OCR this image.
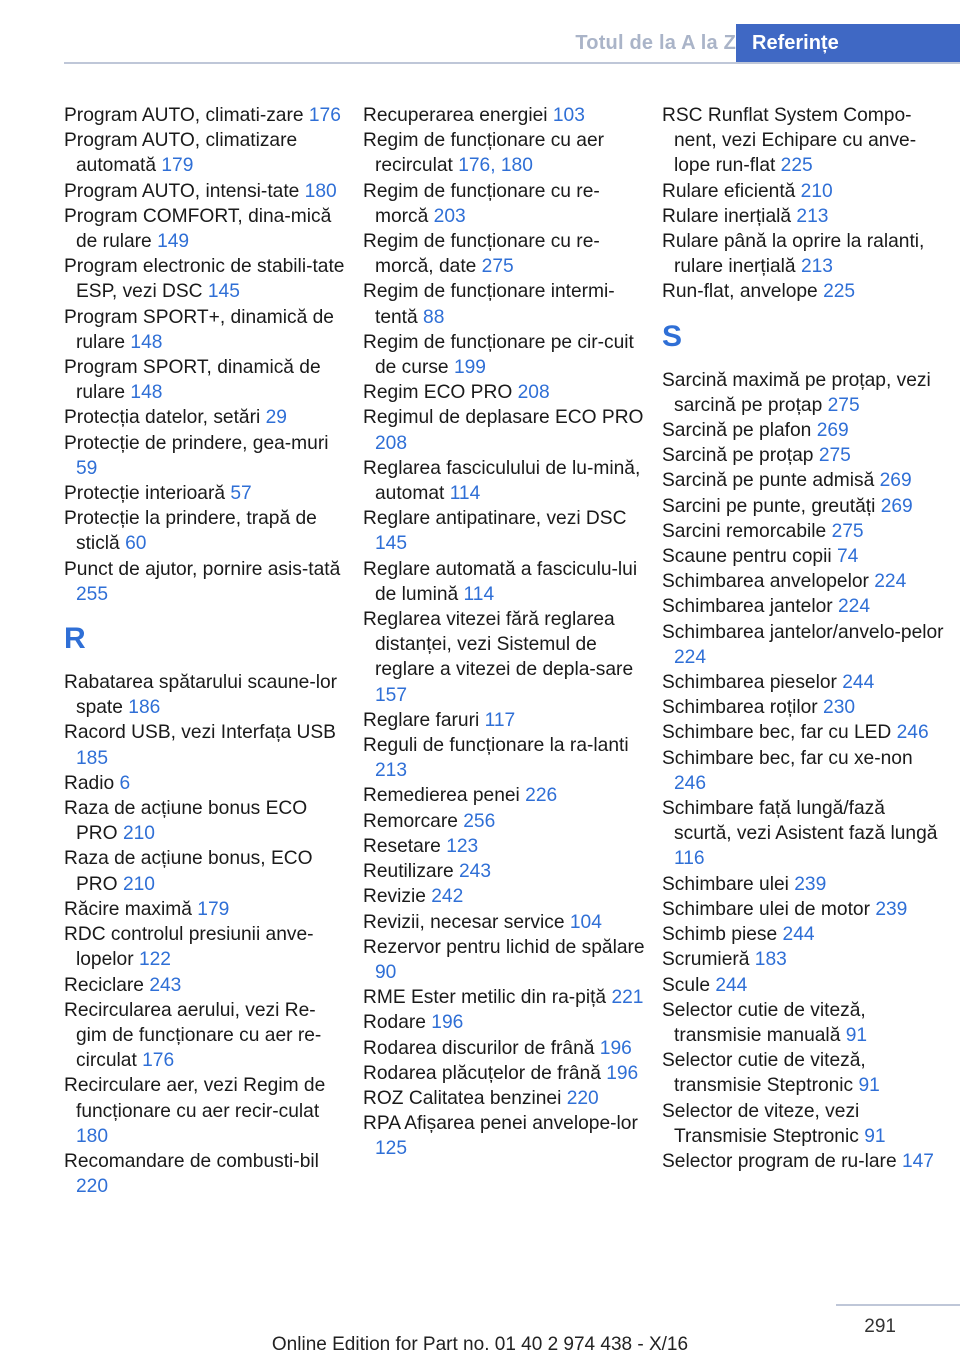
Totul de la A la Z Referințe
Program AUTO, climati-zare 176
Program AUTO, climatizare automată 179
Program AUTO, intensi-tate 180
Program COMFORT, dina-mică de rulare 149
Program electronic de stabili-tate ESP, vezi DSC 145
Program SPORT+, dinamică de rulare 148
Program SPORT, dinamică de rulare 148
Protecția datelor, setări 29
Protecție de prindere, gea-muri 59
Protecție interioară 57
Protecție la prindere, trapă de sticlă 60
Punct de ajutor, pornire asis-tată 255
R
Rabatarea spătarului scaune-lor spate 186
Racord USB, vezi Interfața USB 185
Radio 6
Raza de acțiune bonus ECO PRO 210
Raza de acțiune bonus, ECO PRO 210
Răcire maximă 179
RDC controlul presiunii anve-lopelor 122
Reciclare 243
Recircularea aerului, vezi Re-gim de funcționare cu aer re-circulat 176
Recirculare aer, vezi Regim de funcționare cu aer recir-culat 180
Recomandare de combusti-bil 220
Recuperarea energiei 103
Regim de funcționare cu aer recirculat 176, 180
Regim de funcționare cu re-morcă 203
Regim de funcționare cu re-morcă, date 275
Regim de funcționare intermi-tentă 88
Regim de funcționare pe cir-cuit de curse 199
Regim ECO PRO 208
Regimul de deplasare ECO PRO 208
Reglarea fasciculului de lu-mină, automat 114
Reglare antipatinare, vezi DSC 145
Reglare automată a fasciculu-lui de lumină 114
Reglarea vitezei fără reglarea distanței, vezi Sistemul de reglare a vitezei de depla-sare 157
Reglare faruri 117
Reguli de funcționare la ra-lanti 213
Remedierea penei 226
Remorcare 256
Resetare 123
Reutilizare 243
Revizie 242
Revizii, necesar service 104
Rezervor pentru lichid de spălare 90
RME Ester metilic din ra-piță 221
Rodare 196
Rodarea discurilor de frână 196
Rodarea plăcuțelor de frână 196
ROZ Calitatea benzinei 220
RPA Afișarea penei anvelope-lor 125
RSC Runflat System Compo-nent, vezi Echipare cu anve-lope run-flat 225
Rulare eficientă 210
Rulare inerțială 213
Rulare până la oprire la ralanti, rulare inerțială 213
Run-flat, anvelope 225
S
Sarcină maximă pe proțap, vezi sarcină pe proțap 275
Sarcină pe plafon 269
Sarcină pe proțap 275
Sarcină pe punte admisă 269
Sarcini pe punte, greutăți 269
Sarcini remorcabile 275
Scaune pentru copii 74
Schimbarea anvelopelor 224
Schimbarea jantelor 224
Schimbarea jantelor/anvelo-pelor 224
Schimbarea pieselor 244
Schimbarea roților 230
Schimbare bec, far cu LED 246
Schimbare bec, far cu xe-non 246
Schimbare față lungă/fază scurtă, vezi Asistent fază lungă 116
Schimbare ulei 239
Schimbare ulei de motor 239
Schimb piese 244
Scrumieră 183
Scule 244
Selector cutie de viteză, transmisie manuală 91
Selector cutie de viteză, transmisie Steptronic 91
Selector de viteze, vezi Transmisie Steptronic 91
Selector program de ru-lare 147
291
Online Edition for Part no. 01 40 2 974 438 - X/16
